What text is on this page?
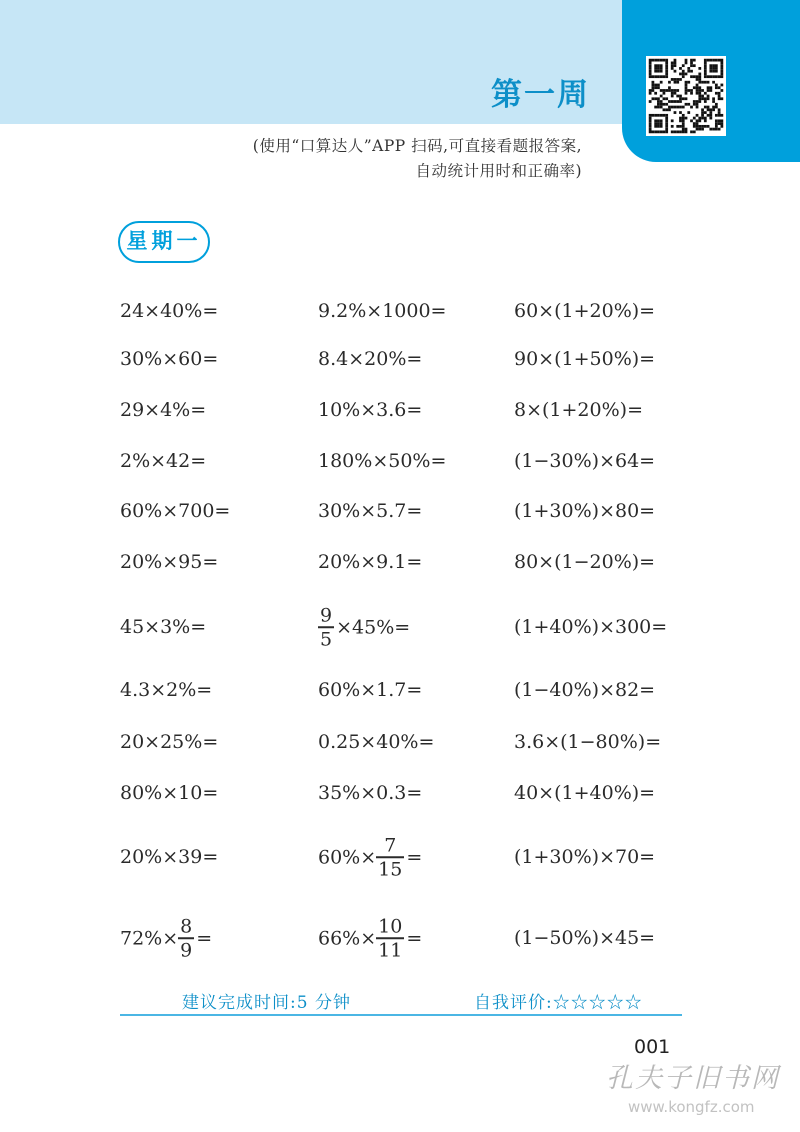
第一周
(使用“口算达人”APP 扫码,可直接看题报答案,
自动统计用时和正确率)
星期一
24×40%=	9.2%×1000=	60×(1+20%)=
30%×60=	8.4×20%=	90×(1+50%)=
29×4%=	10%×3.6=	8×(1+20%)=
2%×42=	180%×50%=	(1−30%)×64=
60%×700=	30%×5.7=	(1+30%)×80=
20%×95=	20%×9.1=	80×(1−20%)=
45×3%=	$\frac{9}{5} \times 45\%=$	(1+40%)×300=
4.3×2%=	60%×1.7=	(1−40%)×82=
20×25%=	0.25×40%=	3.6×(1−80%)=
80%×10=	35%×0.3=	40×(1+40%)=
20%×39=	$60\%\times \frac{7}{15}$ =	(1+30%)×70=
$72\%\times \frac{8}{9}$ =	$66\%\times \frac{10}{11}$ =	(1−50%)×45=
建议完成时间:5 分钟	自我评价:☆☆☆☆☆
001
孔夫子旧书网
www.kongfz.com
